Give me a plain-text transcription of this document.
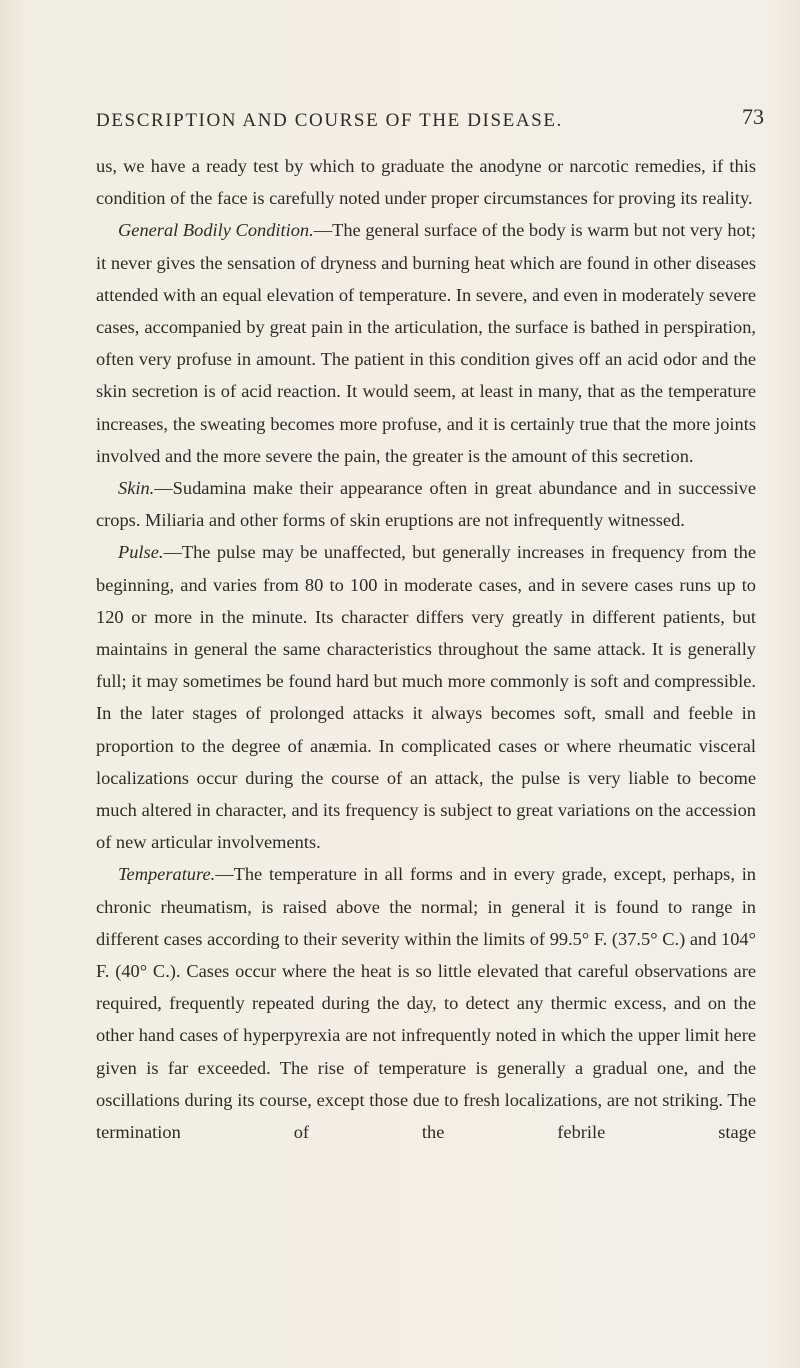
DESCRIPTION AND COURSE OF THE DISEASE.	73

us, we have a ready test by which to graduate the anodyne or narcotic remedies, if this condition of the face is carefully noted under proper circumstances for proving its reality.

General Bodily Condition.—The general surface of the body is warm but not very hot; it never gives the sensation of dryness and burning heat which are found in other diseases attended with an equal elevation of temperature. In severe, and even in moderately severe cases, accompanied by great pain in the articulation, the surface is bathed in perspiration, often very profuse in amount. The patient in this condition gives off an acid odor and the skin secretion is of acid reaction. It would seem, at least in many, that as the temperature increases, the sweating becomes more profuse, and it is certainly true that the more joints involved and the more severe the pain, the greater is the amount of this secretion.

Skin.—Sudamina make their appearance often in great abundance and in successive crops. Miliaria and other forms of skin eruptions are not infrequently witnessed.

Pulse.—The pulse may be unaffected, but generally increases in frequency from the beginning, and varies from 80 to 100 in moderate cases, and in severe cases runs up to 120 or more in the minute. Its character differs very greatly in different patients, but maintains in general the same characteristics throughout the same attack. It is generally full; it may sometimes be found hard but much more commonly is soft and compressible. In the later stages of prolonged attacks it always becomes soft, small and feeble in proportion to the degree of anæmia. In complicated cases or where rheumatic visceral localizations occur during the course of an attack, the pulse is very liable to become much altered in character, and its frequency is subject to great variations on the accession of new articular involvements.

Temperature.—The temperature in all forms and in every grade, except, perhaps, in chronic rheumatism, is raised above the normal; in general it is found to range in different cases according to their severity within the limits of 99.5° F. (37.5° C.) and 104° F. (40° C.). Cases occur where the heat is so little elevated that careful observations are required, frequently repeated during the day, to detect any thermic excess, and on the other hand cases of hyperpyrexia are not infrequently noted in which the upper limit here given is far exceeded. The rise of temperature is generally a gradual one, and the oscillations during its course, except those due to fresh localizations, are not striking. The termination of the febrile stage
